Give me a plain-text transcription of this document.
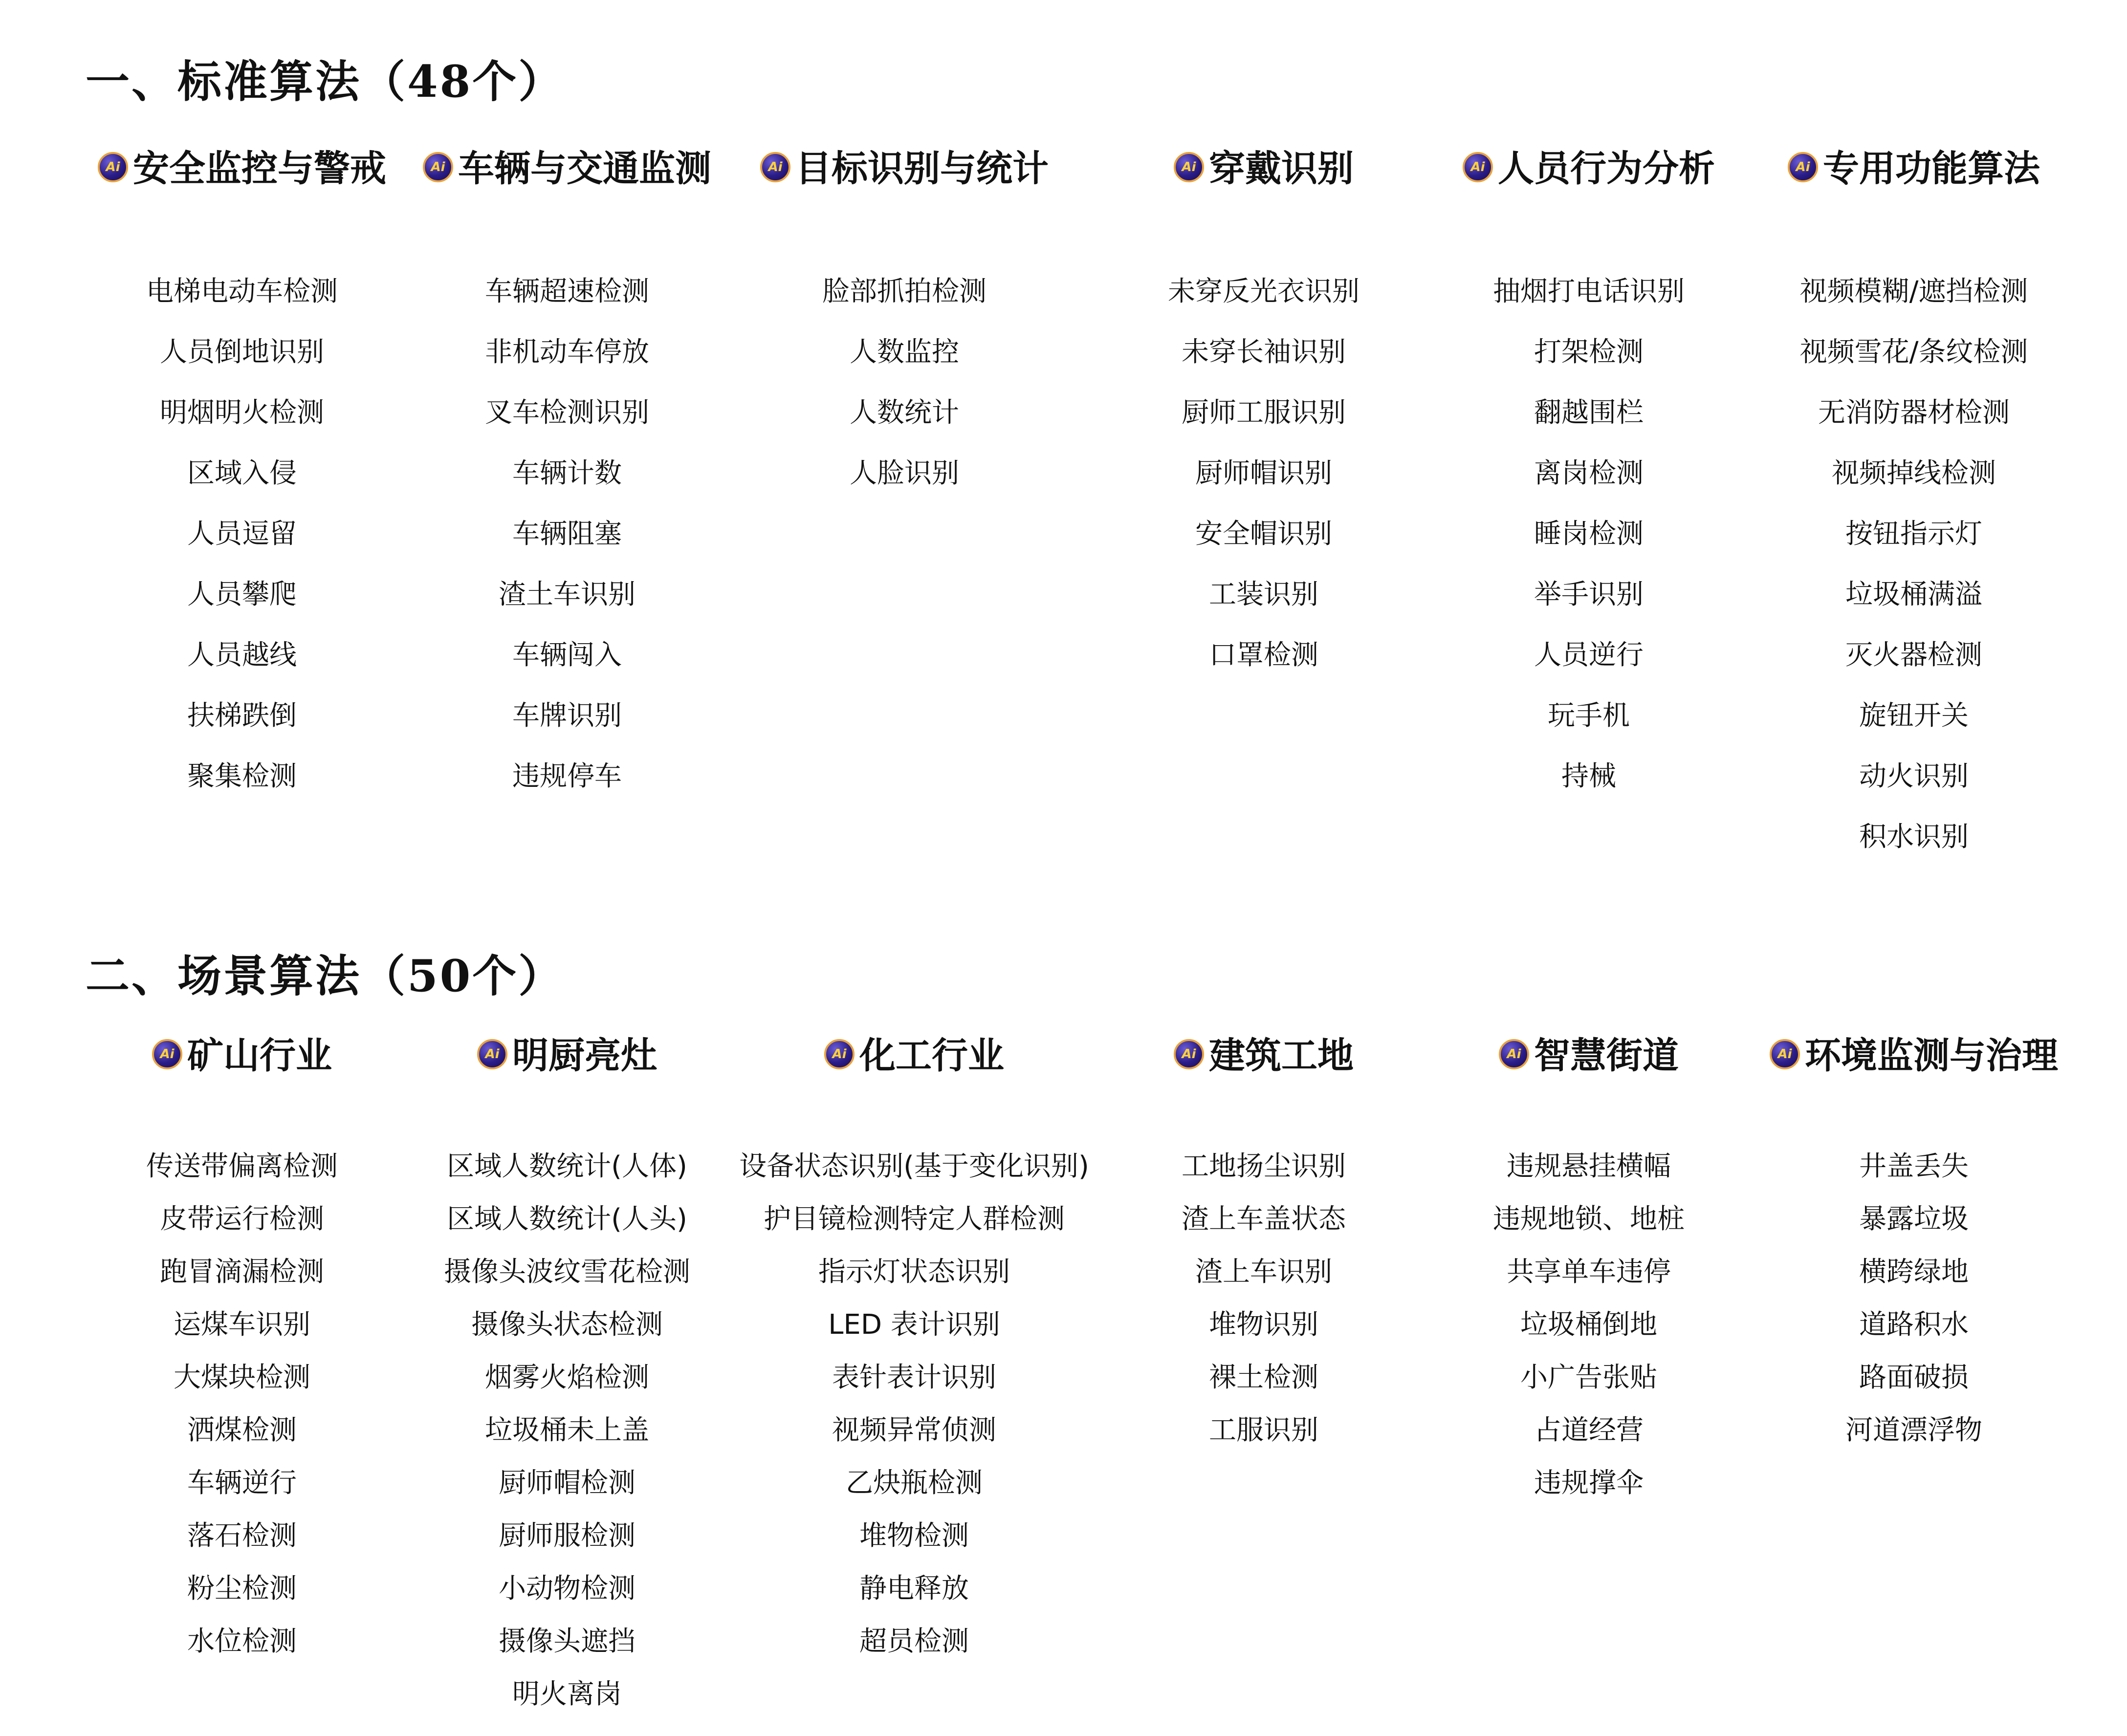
一、标准算法（48个）
Ai 安全监控与警戒
电梯电动车检测
人员倒地识别
明烟明火检测
区域入侵
人员逗留
人员攀爬
人员越线
扶梯跌倒
聚集检测
Ai 车辆与交通监测
车辆超速检测
非机动车停放
叉车检测识别
车辆计数
车辆阻塞
渣土车识别
车辆闯入
车牌识别
违规停车
Ai 目标识别与统计
脸部抓拍检测
人数监控
人数统计
人脸识别
Ai 穿戴识别
未穿反光衣识别
未穿长袖识别
厨师工服识别
厨师帽识别
安全帽识别
工装识别
口罩检测
Ai 人员行为分析
抽烟打电话识别
打架检测
翻越围栏
离岗检测
睡岗检测
举手识别
人员逆行
玩手机
持械
Ai 专用功能算法
视频模糊/遮挡检测
视频雪花/条纹检测
无消防器材检测
视频掉线检测
按钮指示灯
垃圾桶满溢
灭火器检测
旋钮开关
动火识别
积水识别
二、场景算法（50个）
Ai 矿山行业
传送带偏离检测
皮带运行检测
跑冒滴漏检测
运煤车识别
大煤块检测
洒煤检测
车辆逆行
落石检测
粉尘检测
水位检测
Ai 明厨亮灶
区域人数统计(人体)
区域人数统计(人头)
摄像头波纹雪花检测
摄像头状态检测
烟雾火焰检测
垃圾桶未上盖
厨师帽检测
厨师服检测
小动物检测
摄像头遮挡
明火离岗
Ai 化工行业
设备状态识别(基于变化识别)
护目镜检测特定人群检测
指示灯状态识别
LED 表计识别
表针表计识别
视频异常侦测
乙炔瓶检测
堆物检测
静电释放
超员检测
Ai 建筑工地
工地扬尘识别
渣上车盖状态
渣上车识别
堆物识别
裸土检测
工服识别
Ai 智慧街道
违规悬挂横幅
违规地锁、地桩
共享单车违停
垃圾桶倒地
小广告张贴
占道经营
违规撑伞
Ai 环境监测与治理
井盖丢失
暴露垃圾
横跨绿地
道路积水
路面破损
河道漂浮物
